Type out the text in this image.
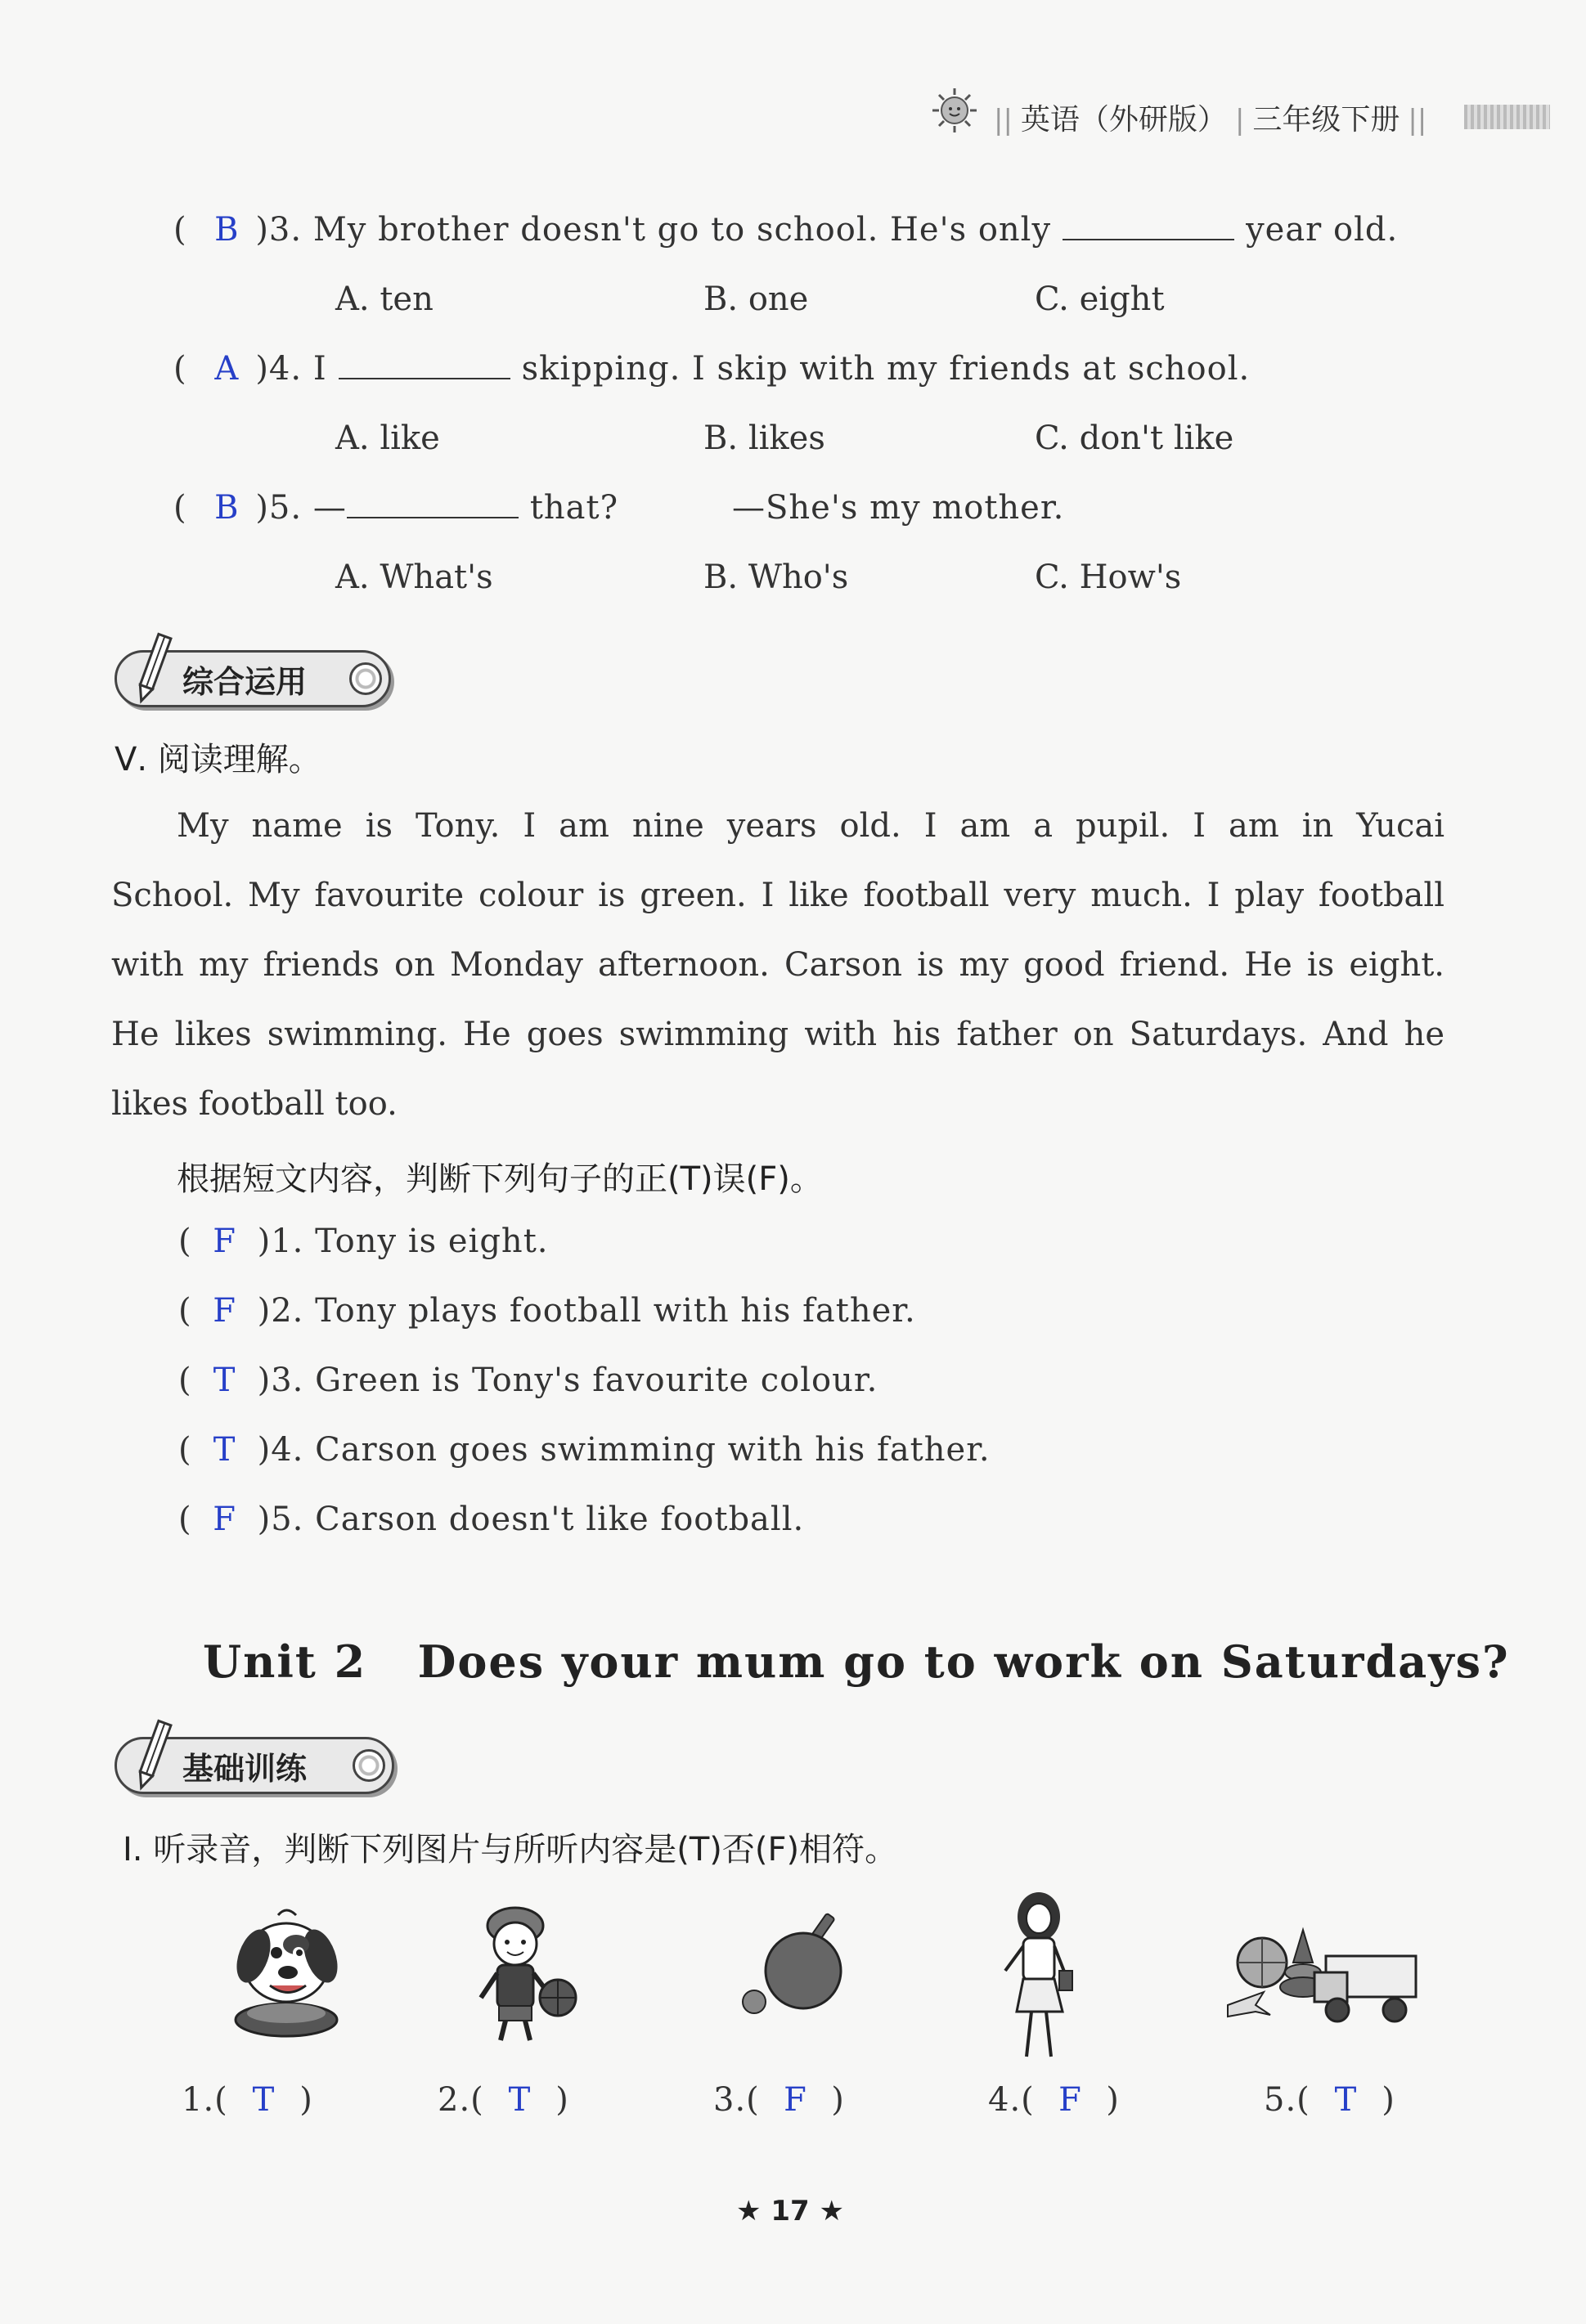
|| 英语（外研版） | 三年级下册 ||
( B )3. My brother doesn't go to school. He's only	year old.
A. ten	B. one	C. eight
( A )4. I	skipping. I skip with my friends at school.
A. like	B. likes	C. don't like
( B )5. —	that?	—She's my mother.
A. What's	B. Who's	C. How's
综合运用
Ⅴ. 阅读理解。
My name is Tony. I am nine years old. I am a pupil. I am in Yucai
School. My favourite colour is green. I like football very much. I play football
with my friends on Monday afternoon. Carson is my good friend. He is eight.
He likes swimming. He goes swimming with his father on Saturdays. And he
likes football too.
根据短文内容，判断下列句子的正(T)误(F)。
( F )1. Tony is eight.
( F )2. Tony plays football with his father.
( T )3. Green is Tony's favourite colour.
( T )4. Carson goes swimming with his father.
( F )5. Carson doesn't like football.
Unit 2   Does your mum go to work on Saturdays?
基础训练
Ⅰ. 听录音，判断下列图片与所听内容是(T)否(F)相符。
1.( T )	2.( T )	3.( F )	4.( F )	5.( T )
★ 17 ★
